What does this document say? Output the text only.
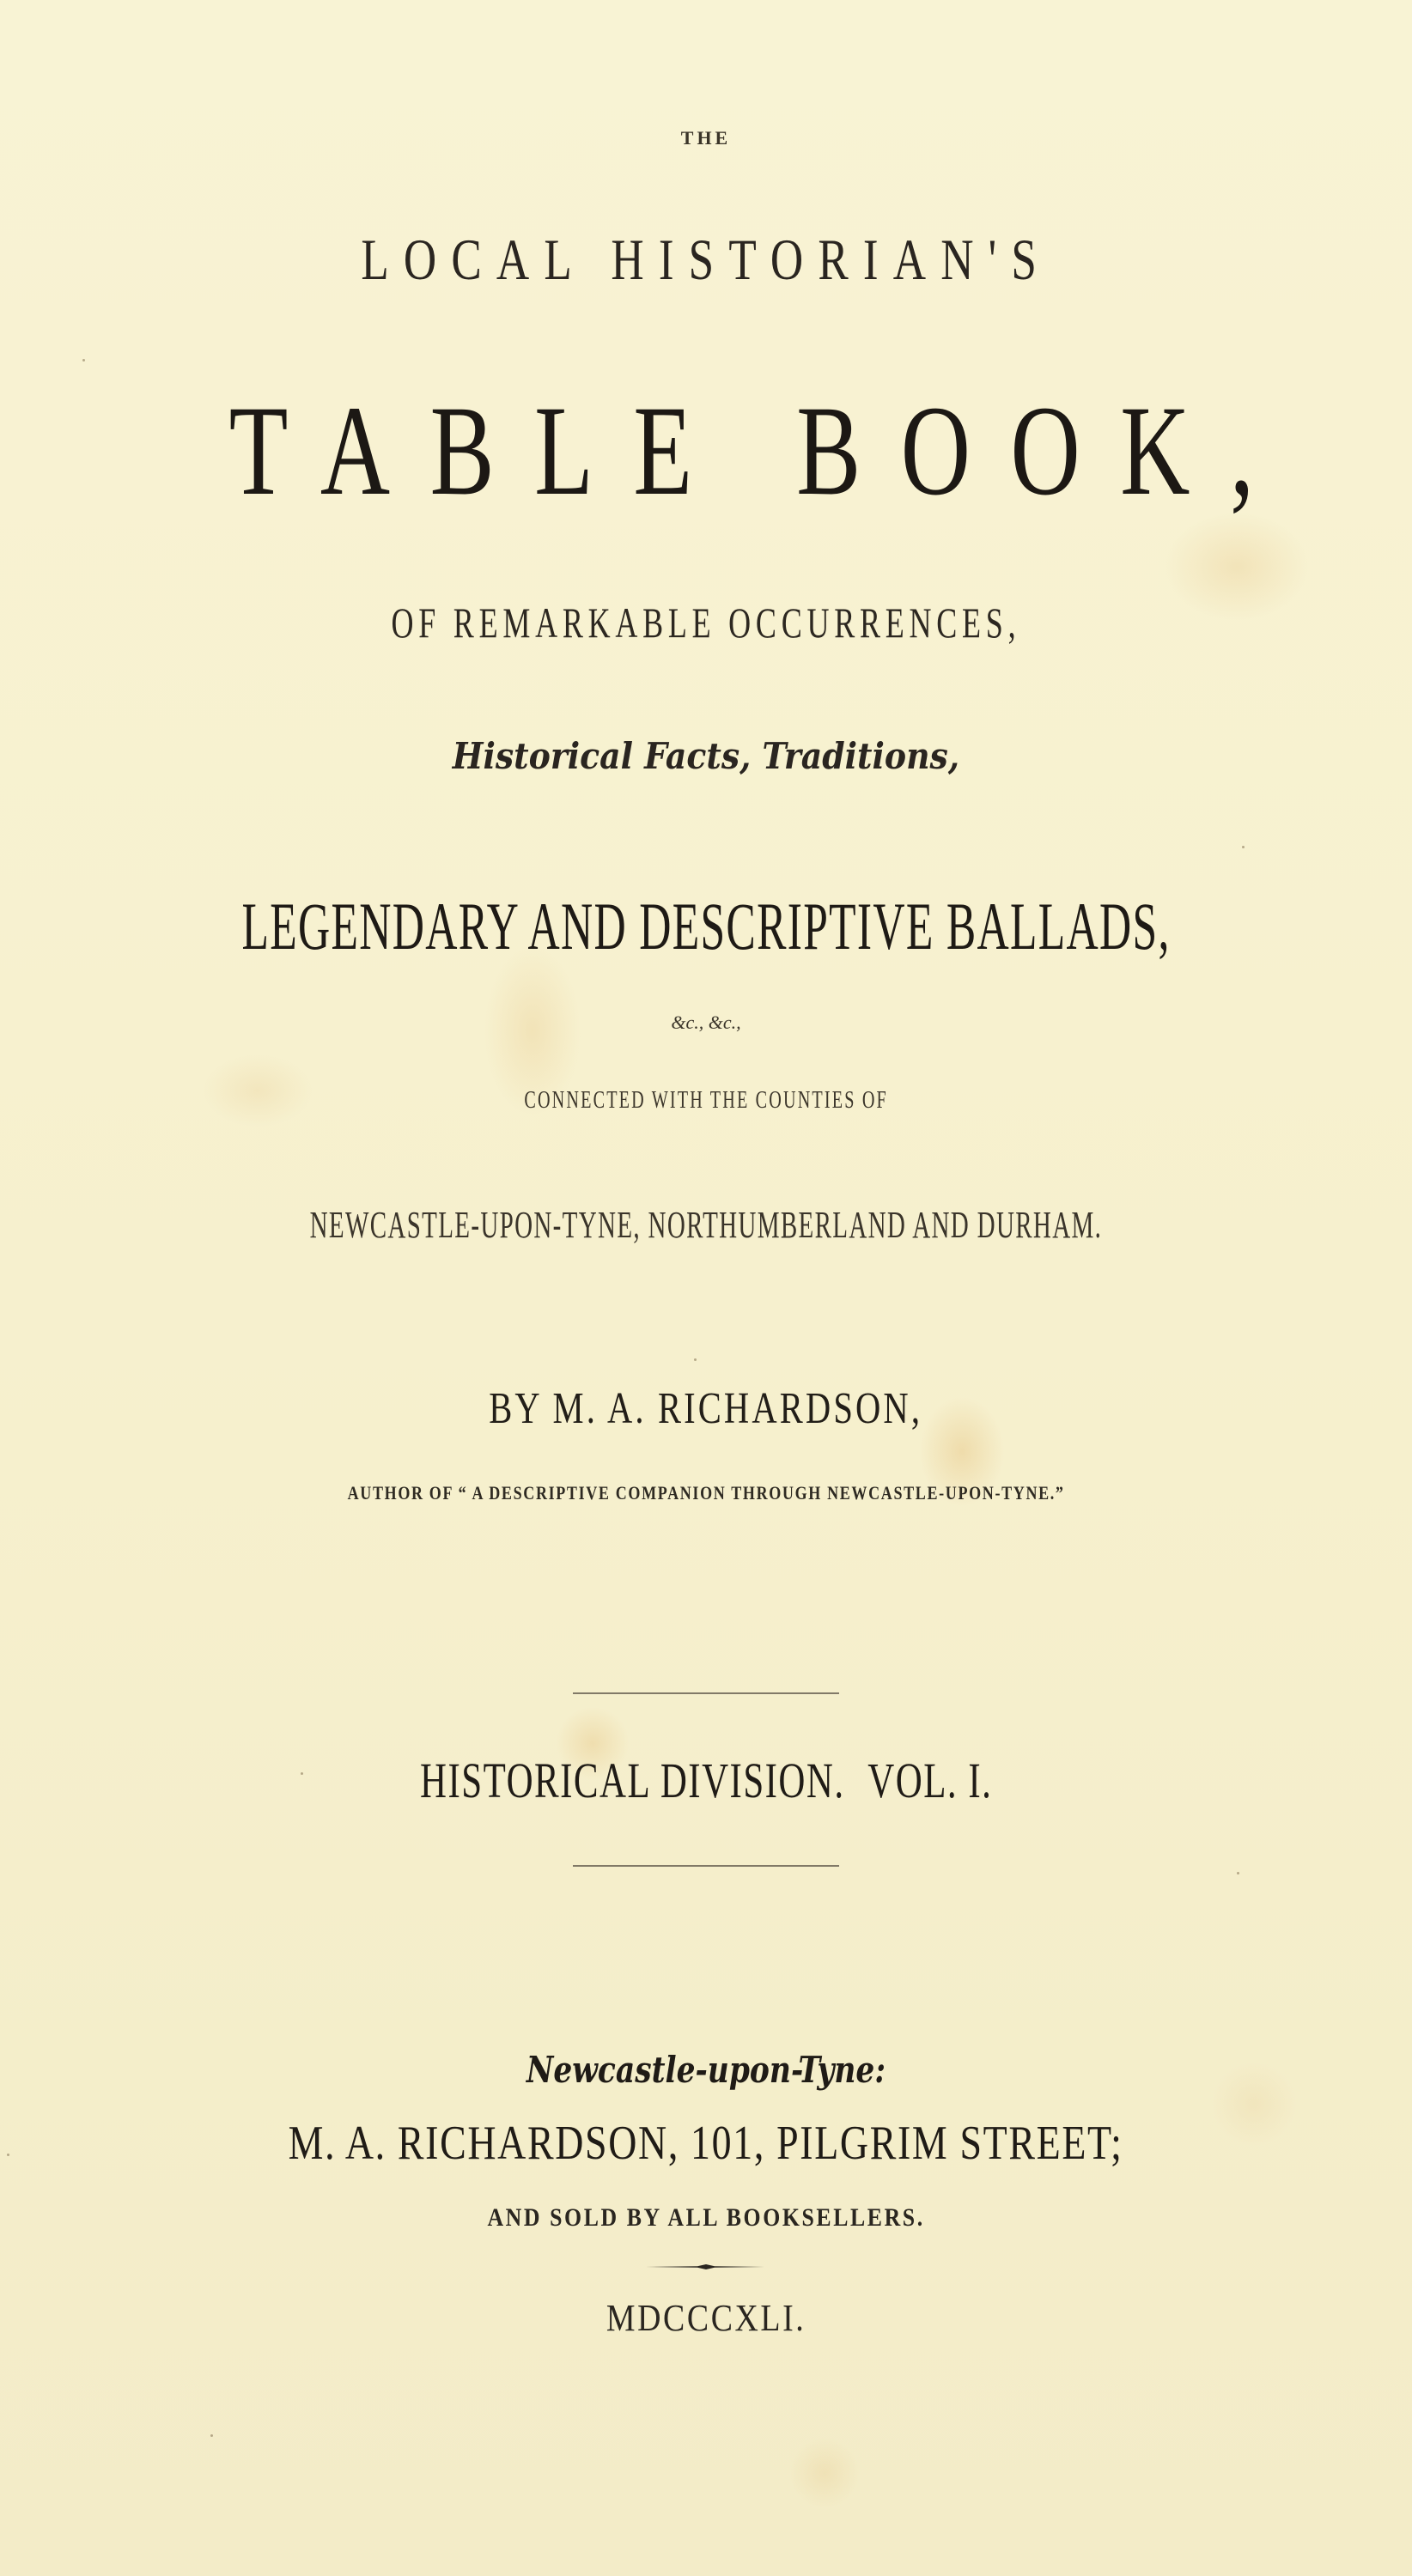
THE
LOCAL HISTORIAN'S
TABLE BOOK,
OF REMARKABLE OCCURRENCES,
Historical Facts, Traditions,
LEGENDARY AND DESCRIPTIVE BALLADS,
&c., &c.,
CONNECTED WITH THE COUNTIES OF
NEWCASTLE-UPON-TYNE, NORTHUMBERLAND AND DURHAM.
BY M. A. RICHARDSON,
AUTHOR OF “ A DESCRIPTIVE COMPANION THROUGH NEWCASTLE-UPON-TYNE.”
HISTORICAL DIVISION. VOL. I.
Newcastle-upon-Tyne:
M. A. RICHARDSON, 101, PILGRIM STREET;
AND SOLD BY ALL BOOKSELLERS.
MDCCCXLI.
